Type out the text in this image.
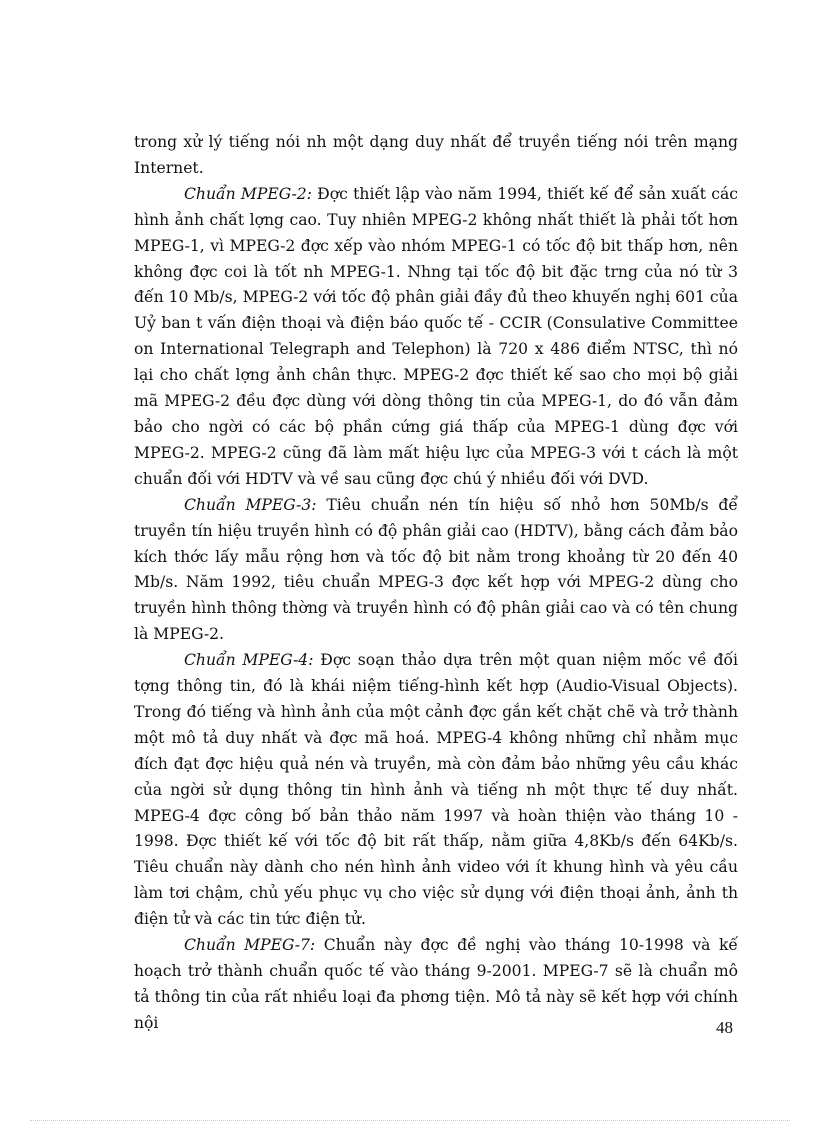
trong xử lý tiếng nói nh một dạng duy nhất để truyền tiếng nói trên mạng Internet.

Chuẩn MPEG-2: Đợc thiết lập vào năm 1994, thiết kế để sản xuất các hình ảnh chất lợng cao. Tuy nhiên MPEG-2 không nhất thiết là phải tốt hơn MPEG-1, vì MPEG-2 đợc xếp vào nhóm MPEG-1 có tốc độ bit thấp hơn, nên không đợc coi là tốt nh MPEG-1. Nhng tại tốc độ bit đặc trng của nó từ 3 đến 10 Mb/s, MPEG-2 với tốc độ phân giải đầy đủ theo khuyến nghị 601 của Uỷ ban t vấn điện thoại và điện báo quốc tế - CCIR (Consulative Committee on International Telegraph and Telephon) là 720 x 486 điểm NTSC, thì nó lại cho chất lợng ảnh chân thực. MPEG-2 đợc thiết kế sao cho mọi bộ giải mã MPEG-2 đều đợc dùng với dòng thông tin của MPEG-1, do đó vẫn đảm bảo cho ngời có các bộ phần cứng giá thấp của MPEG-1 dùng đợc với MPEG-2. MPEG-2 cũng đã làm mất hiệu lực của MPEG-3 với t cách là một chuẩn đối với HDTV và về sau cũng đợc chú ý nhiều đối với DVD.

Chuẩn MPEG-3: Tiêu chuẩn nén tín hiệu số nhỏ hơn 50Mb/s để truyền tín hiệu truyền hình có độ phân giải cao (HDTV), bằng cách đảm bảo kích thớc lấy mẫu rộng hơn và tốc độ bit nằm trong khoảng từ 20 đến 40 Mb/s. Năm 1992, tiêu chuẩn MPEG-3 đợc kết hợp với MPEG-2 dùng cho truyền hình thông thờng và truyền hình có độ phân giải cao và có tên chung là MPEG-2.

Chuẩn MPEG-4: Đợc soạn thảo dựa trên một quan niệm mốc về đối tợng thông tin, đó là khái niệm tiếng-hình kết hợp (Audio-Visual Objects). Trong đó tiếng và hình ảnh của một cảnh đợc gắn kết chặt chẽ và trở thành một mô tả duy nhất và đợc mã hoá. MPEG-4 không những chỉ nhằm mục đích đạt đợc hiệu quả nén và truyền, mà còn đảm bảo những yêu cầu khác của ngời sử dụng thông tin hình ảnh và tiếng nh một thực tế duy nhất. MPEG-4 đợc công bố bản thảo năm 1997 và hoàn thiện vào tháng 10 - 1998. Đợc thiết kế với tốc độ bit rất thấp, nằm giữa 4,8Kb/s đến 64Kb/s. Tiêu chuẩn này dành cho nén hình ảnh video với ít khung hình và yêu cầu làm tơi chậm, chủ yếu phục vụ cho việc sử dụng với điện thoại ảnh, ảnh th điện tử và các tin tức điện tử.

Chuẩn MPEG-7: Chuẩn này đợc đề nghị vào tháng 10-1998 và kế hoạch trở thành chuẩn quốc tế vào tháng 9-2001. MPEG-7 sẽ là chuẩn mô tả thông tin của rất nhiều loại đa phơng tiện. Mô tả này sẽ kết hợp với chính nội	48
